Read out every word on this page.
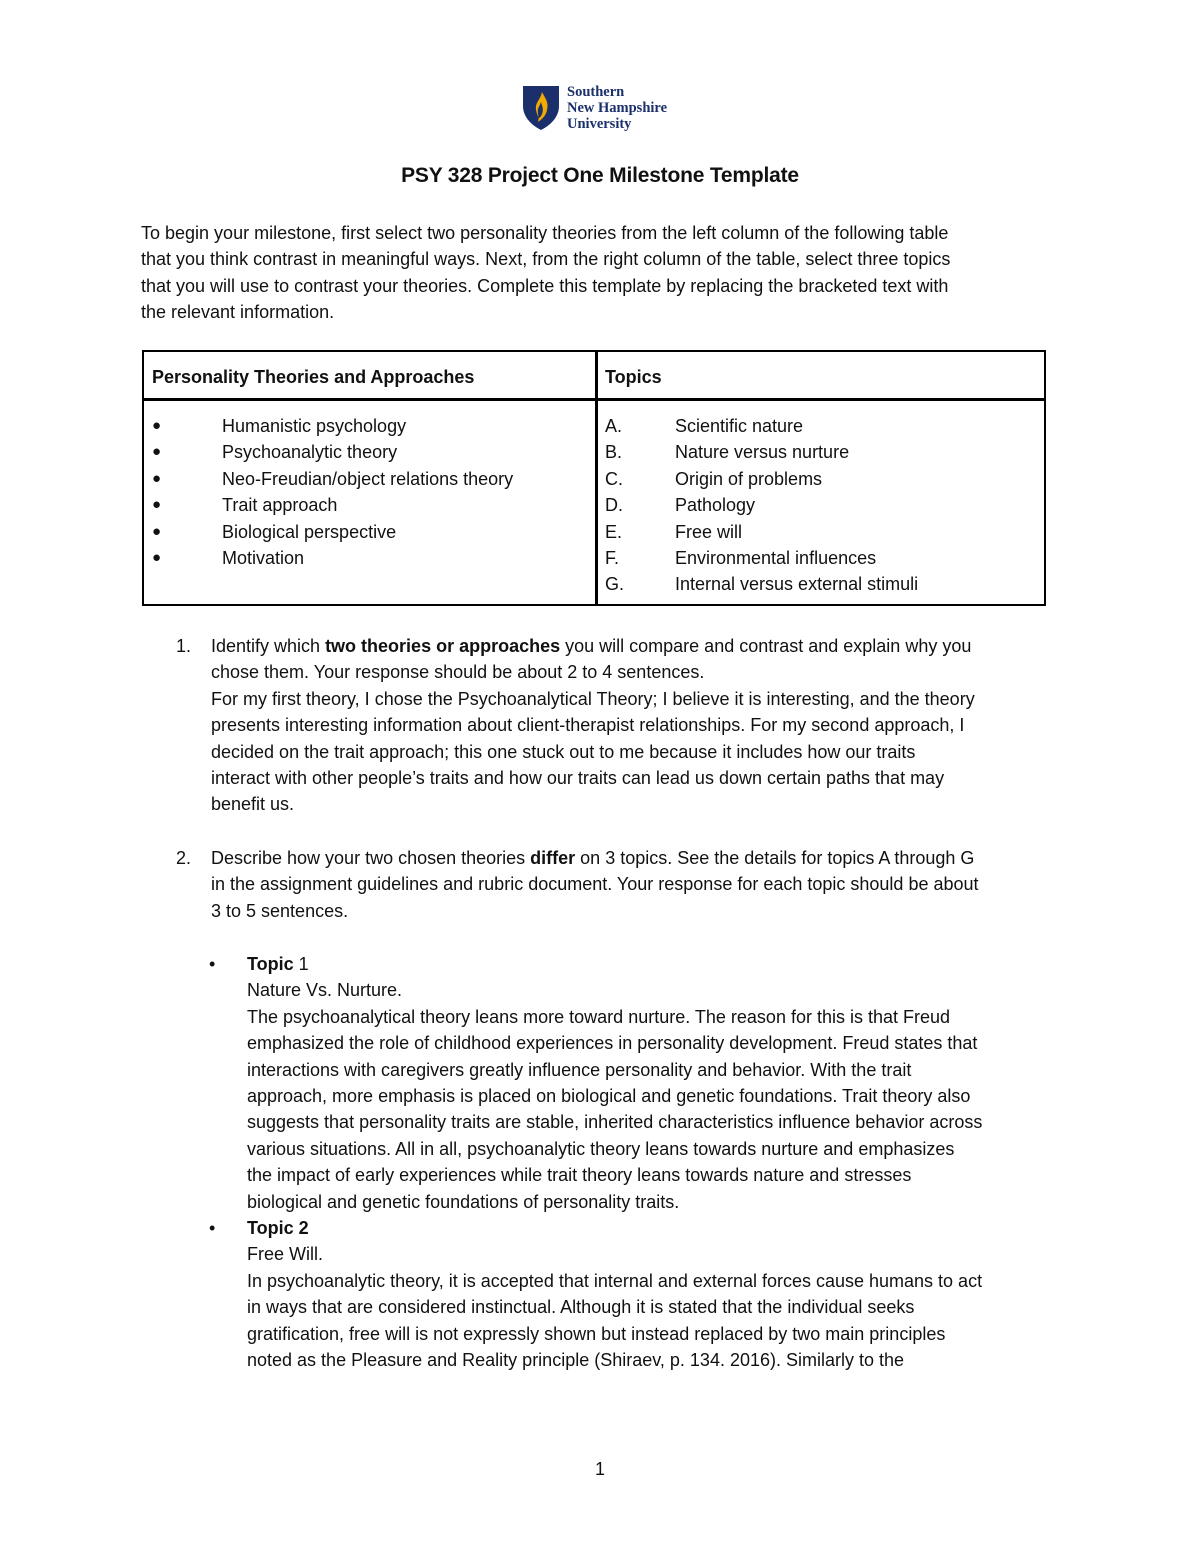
Southern
New Hampshire
University
PSY 328 Project One Milestone Template
To begin your milestone, first select two personality theories from the left column of the following table
that you think contrast in meaningful ways. Next, from the right column of the table, select three topics
that you will use to contrast your theories. Complete this template by replacing the bracketed text with
the relevant information.
Personality Theories and Approaches	Topics
●	Humanistic psychology
●	Psychoanalytic theory
●	Neo-Freudian/object relations theory
●	Trait approach
●	Biological perspective
●	Motivation
A.	Scientific nature
B.	Nature versus nurture
C.	Origin of problems
D.	Pathology
E.	Free will
F.	Environmental influences
G.	Internal versus external stimuli
1. Identify which two theories or approaches you will compare and contrast and explain why you
chose them. Your response should be about 2 to 4 sentences.
For my first theory, I chose the Psychoanalytical Theory; I believe it is interesting, and the theory
presents interesting information about client-therapist relationships. For my second approach, I
decided on the trait approach; this one stuck out to me because it includes how our traits
interact with other people’s traits and how our traits can lead us down certain paths that may
benefit us.
2. Describe how your two chosen theories differ on 3 topics. See the details for topics A through G
in the assignment guidelines and rubric document. Your response for each topic should be about
3 to 5 sentences.
• Topic 1
Nature Vs. Nurture.
The psychoanalytical theory leans more toward nurture. The reason for this is that Freud
emphasized the role of childhood experiences in personality development. Freud states that
interactions with caregivers greatly influence personality and behavior. With the trait
approach, more emphasis is placed on biological and genetic foundations. Trait theory also
suggests that personality traits are stable, inherited characteristics influence behavior across
various situations. All in all, psychoanalytic theory leans towards nurture and emphasizes
the impact of early experiences while trait theory leans towards nature and stresses
biological and genetic foundations of personality traits.
• Topic 2
Free Will.
In psychoanalytic theory, it is accepted that internal and external forces cause humans to act
in ways that are considered instinctual. Although it is stated that the individual seeks
gratification, free will is not expressly shown but instead replaced by two main principles
noted as the Pleasure and Reality principle (Shiraev, p. 134. 2016). Similarly to the
1
